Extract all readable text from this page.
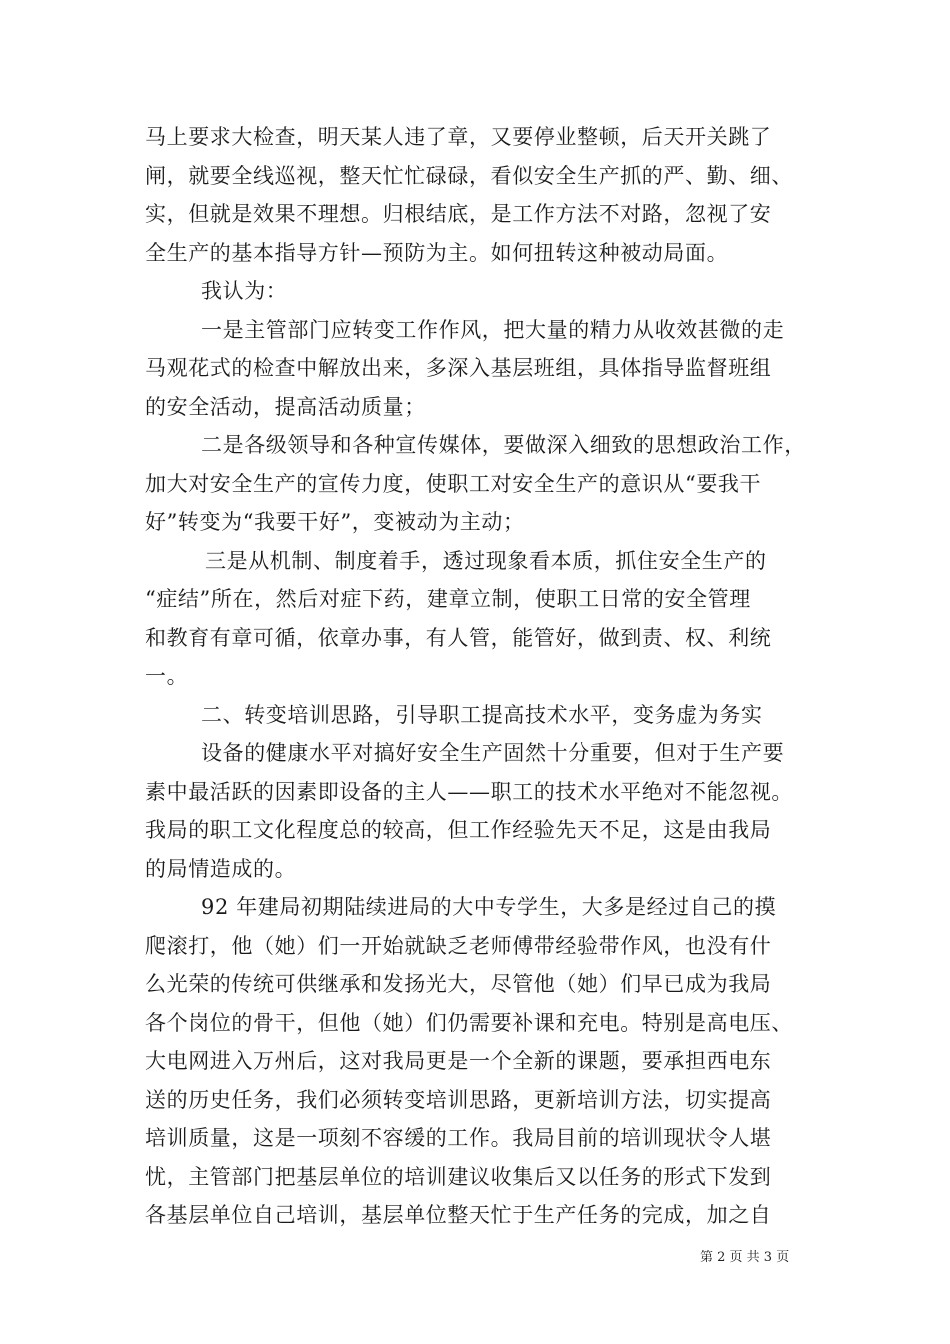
马上要求大检查，明天某人违了章，又要停业整顿，后天开关跳了
闸，就要全线巡视，整天忙忙碌碌，看似安全生产抓的严、勤、细、
实，但就是效果不理想。归根结底，是工作方法不对路，忽视了安
全生产的基本指导方针—预防为主。如何扭转这种被动局面。
我认为：
一是主管部门应转变工作作风，把大量的精力从收效甚微的走
马观花式的检查中解放出来，多深入基层班组，具体指导监督班组
的安全活动，提高活动质量；
二是各级领导和各种宣传媒体，要做深入细致的思想政治工作，
加大对安全生产的宣传力度，使职工对安全生产的意识从“要我干
好”转变为“我要干好”，变被动为主动；
三是从机制、制度着手，透过现象看本质，抓住安全生产的
“症结”所在，然后对症下药，建章立制，使职工日常的安全管理
和教育有章可循，依章办事，有人管，能管好，做到责、权、利统
一。
二、转变培训思路，引导职工提高技术水平，变务虚为务实
设备的健康水平对搞好安全生产固然十分重要，但对于生产要
素中最活跃的因素即设备的主人——职工的技术水平绝对不能忽视。
我局的职工文化程度总的较高，但工作经验先天不足，这是由我局
的局情造成的。
92 年建局初期陆续进局的大中专学生，大多是经过自己的摸
爬滚打，他（她）们一开始就缺乏老师傅带经验带作风，也没有什
么光荣的传统可供继承和发扬光大，尽管他（她）们早已成为我局
各个岗位的骨干，但他（她）们仍需要补课和充电。特别是高电压、
大电网进入万州后，这对我局更是一个全新的课题，要承担西电东
送的历史任务，我们必须转变培训思路，更新培训方法，切实提高
培训质量，这是一项刻不容缓的工作。我局目前的培训现状令人堪
忧，主管部门把基层单位的培训建议收集后又以任务的形式下发到
各基层单位自己培训，基层单位整天忙于生产任务的完成，加之自
第 2 页 共 3 页
